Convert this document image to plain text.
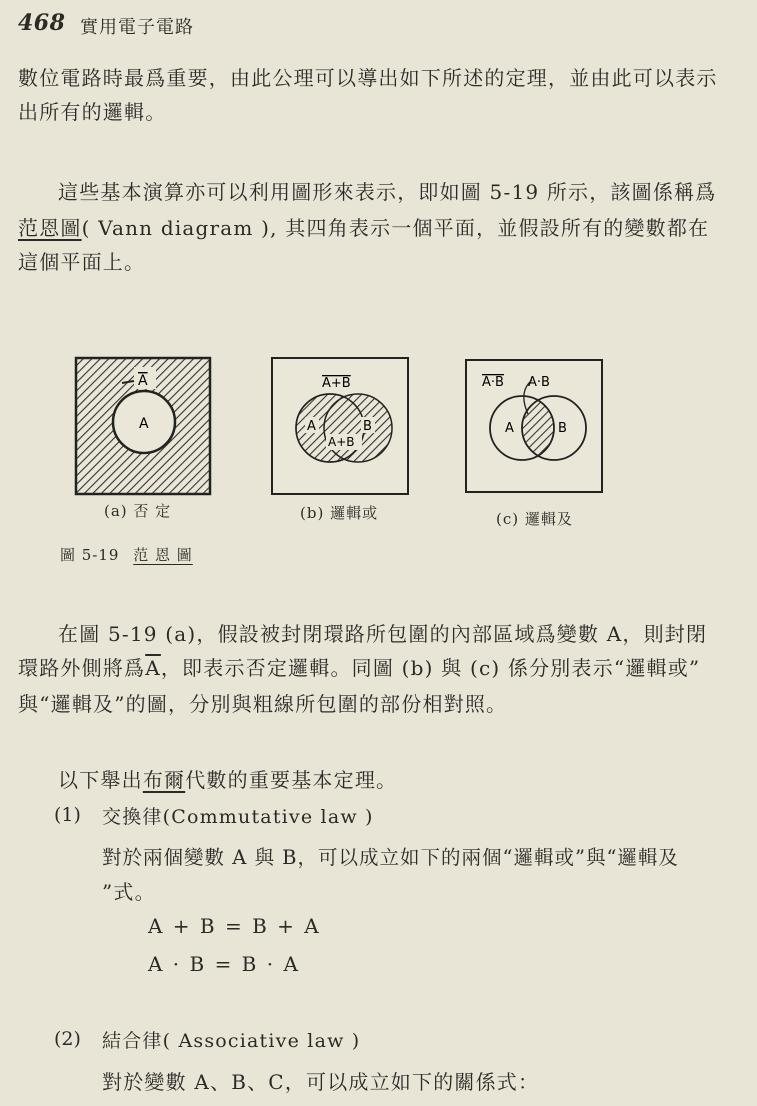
468 實用電子電路
數位電路時最爲重要，由此公理可以導出如下所述的定理，並由此可以表示
出所有的邏輯。
這些基本演算亦可以利用圖形來表示，即如圖 5-19 所示，該圖係稱爲
范恩圖( Vann diagram ), 其四角表示一個平面，並假設所有的變數都在
這個平面上。
A
A
A+B
A	B
A+B
A·B A·B
A	B
(a) 否 定	(b) 邏輯或	(c) 邏輯及
圖 5-19 范 恩 圖
在圖 5-19 (a)，假設被封閉環路所包圍的內部區域爲變數 A，則封閉
環路外側將爲$\overline{A}$，即表示否定邏輯。同圖 (b) 與 (c) 係分別表示“邏輯或”
與“邏輯及”的圖，分別與粗線所包圍的部份相對照。
以下舉出布爾代數的重要基本定理。
(1) 交換律(Commutative law )
對於兩個變數 A 與 B，可以成立如下的兩個“邏輯或”與“邏輯及
”式。
A + B = B + A
A · B = B · A
(2) 結合律( Associative law )
對於變數 A、B、C，可以成立如下的關係式：
